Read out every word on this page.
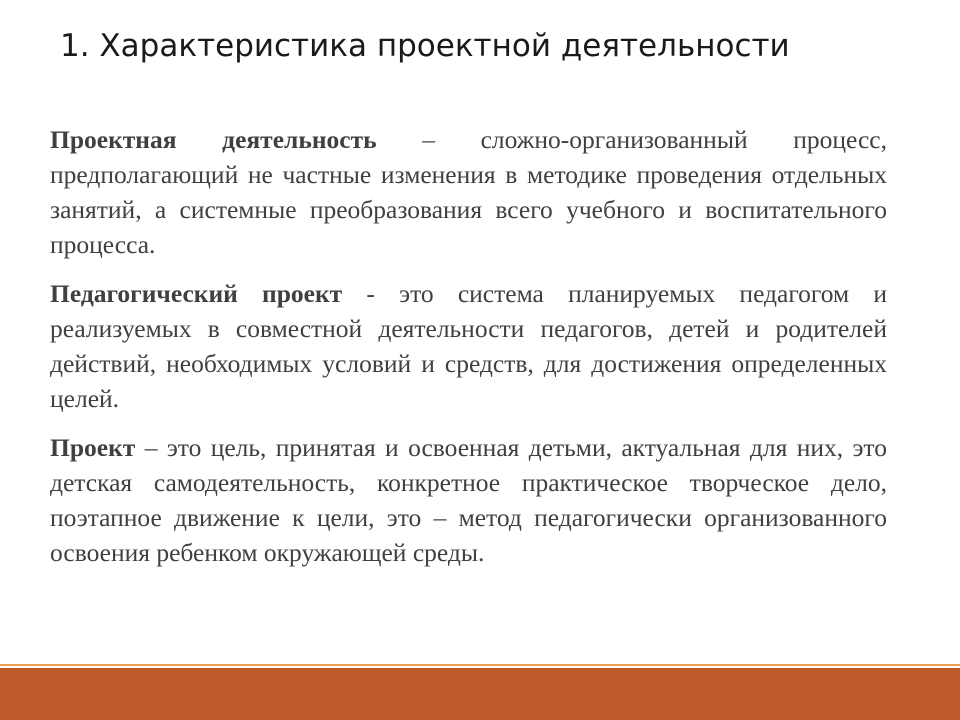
1. Характеристика проектной деятельности

Проектная деятельность – сложно-организованный процесс, предполагающий не частные изменения в методике проведения отдельных занятий, а системные преобразования всего учебного и воспитательного процесса.

Педагогический проект - это система планируемых педагогом и реализуемых в совместной деятельности педагогов, детей и родителей действий, необходимых условий и средств, для достижения определенных целей.

Проект – это цель, принятая и освоенная детьми, актуальная для них, это детская самодеятельность, конкретное практическое творческое дело, поэтапное движение к цели, это – метод педагогически организованного освоения ребенком окружающей среды.
